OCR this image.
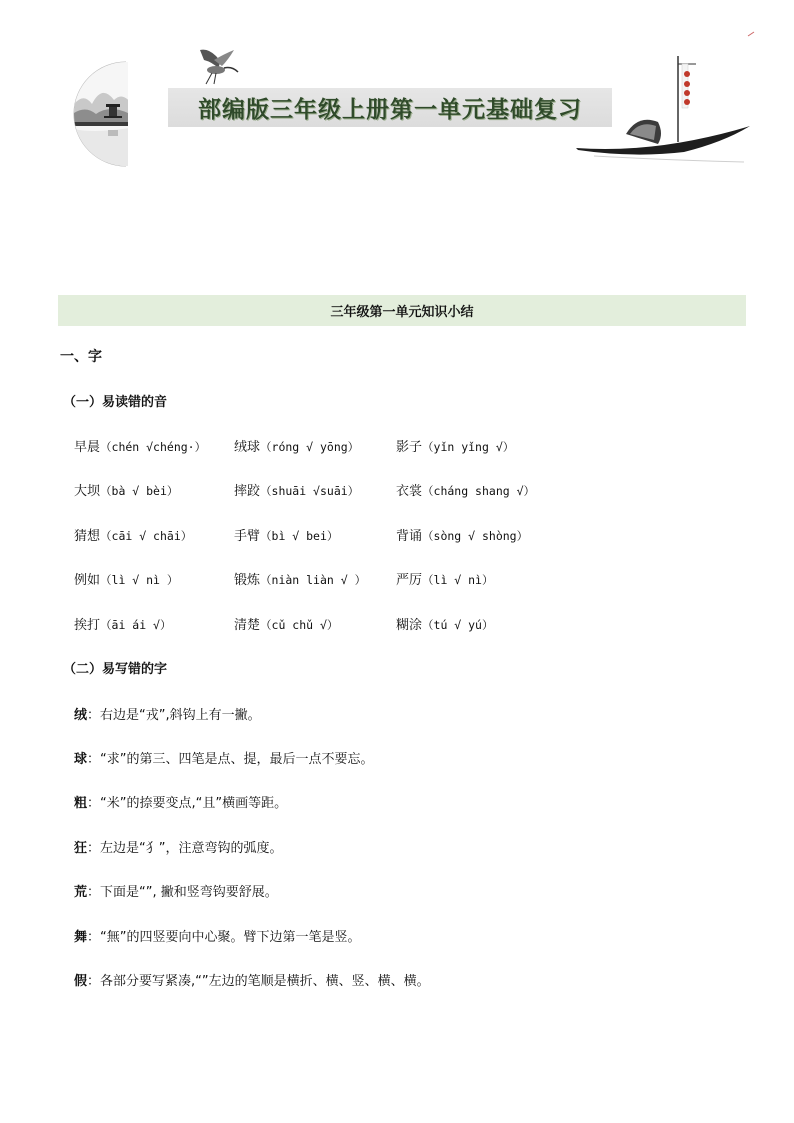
部编版三年级上册第一单元基础复习
三年级第一单元知识小结
一、字
（一）易读错的音
早晨（chén √chéng·） 绒球（róng √ yōng）	影子（yǐn yǐng √）
大坝（bà √ bèi）	摔跤（shuāi √suāi）	衣裳（cháng shang √）
猜想（cāi √ chāi）	手臂（bì √ bei）	背诵（sòng √ shòng）
例如（lì √ nì ）	锻炼（niàn liàn √ ） 严厉（lì √ nì）
挨打（āi ái √）	清楚（cǔ chǔ √）	糊涂（tú √ yú）
（二）易写错的字
绒：右边是“戎”,斜钩上有一撇。
球：“求”的第三、四笔是点、提，最后一点不要忘。
粗：“米”的捺要变点,“且”横画等距。
狂：左边是“犭”，注意弯钩的弧度。
荒：下面是“”, 撇和竖弯钩要舒展。
舞：“無”的四竖要向中心聚。臂下边第一笔是竖。
假：各部分要写紧凑,“”左边的笔顺是横折、横、竖、横、横。
